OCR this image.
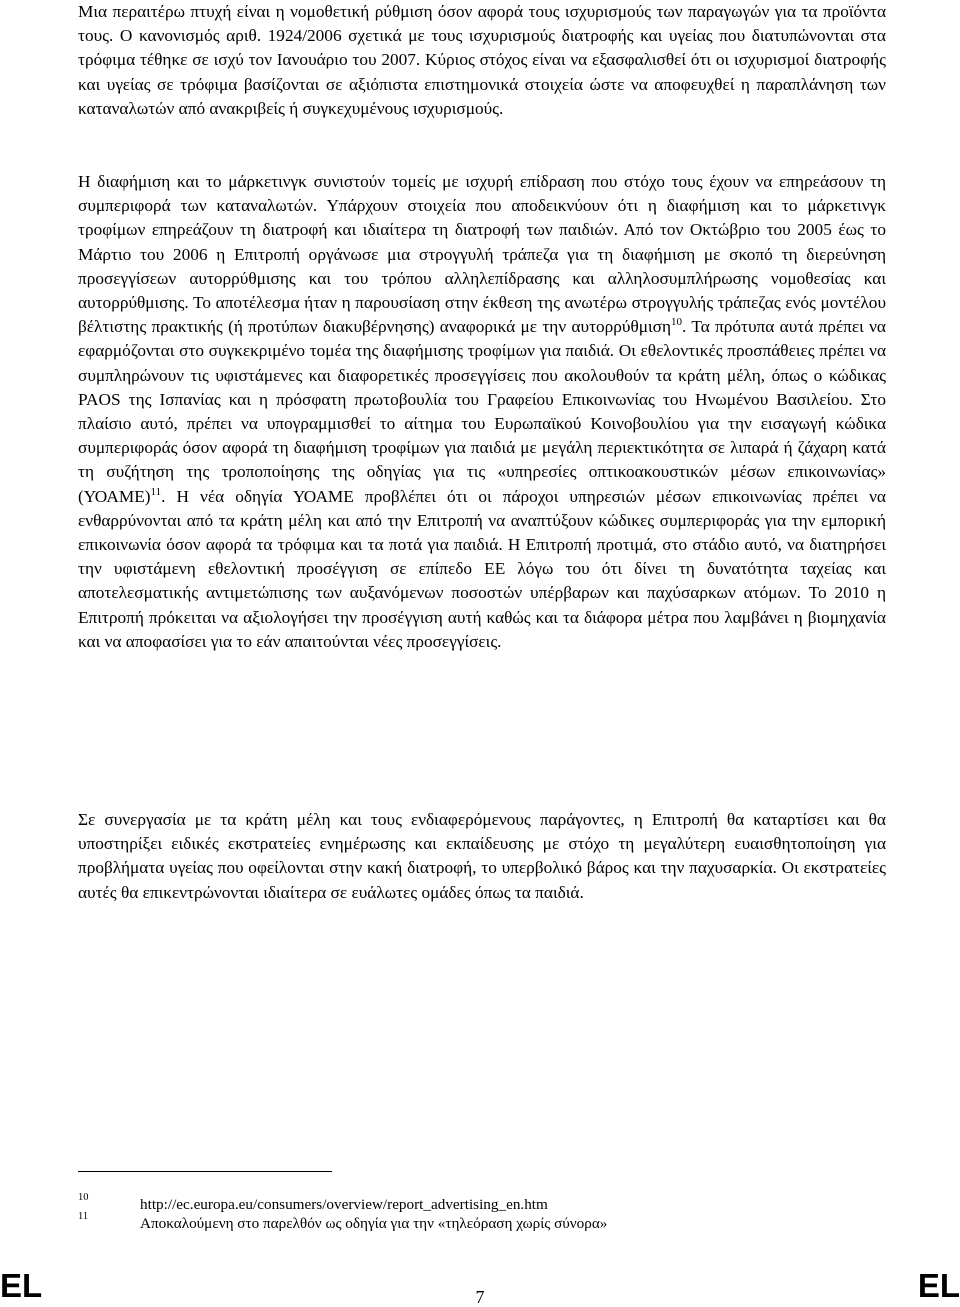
Μια περαιτέρω πτυχή είναι η νομοθετική ρύθμιση όσον αφορά τους ισχυρισμούς των παραγωγών για τα προϊόντα τους. Ο κανονισμός αριθ. 1924/2006 σχετικά με τους ισχυρισμούς διατροφής και υγείας που διατυπώνονται στα τρόφιμα τέθηκε σε ισχύ τον Ιανουάριο του 2007. Κύριος στόχος είναι να εξασφαλισθεί ότι οι ισχυρισμοί διατροφής και υγείας σε τρόφιμα βασίζονται σε αξιόπιστα επιστημονικά στοιχεία ώστε να αποφευχθεί η παραπλάνηση των καταναλωτών από ανακριβείς ή συγκεχυμένους ισχυρισμούς.

Η διαφήμιση και το μάρκετινγκ συνιστούν τομείς με ισχυρή επίδραση που στόχο τους έχουν να επηρεάσουν τη συμπεριφορά των καταναλωτών. Υπάρχουν στοιχεία που αποδεικνύουν ότι η διαφήμιση και το μάρκετινγκ τροφίμων επηρεάζουν τη διατροφή και ιδιαίτερα τη διατροφή των παιδιών. Από τον Οκτώβριο του 2005 έως το Μάρτιο του 2006 η Επιτροπή οργάνωσε μια στρογγυλή τράπεζα για τη διαφήμιση με σκοπό τη διερεύνηση προσεγγίσεων αυτορρύθμισης και του τρόπου αλληλεπίδρασης και αλληλοσυμπλήρωσης νομοθεσίας και αυτορρύθμισης. Το αποτέλεσμα ήταν η παρουσίαση στην έκθεση της ανωτέρω στρογγυλής τράπεζας ενός μοντέλου βέλτιστης πρακτικής (ή προτύπων διακυβέρνησης) αναφορικά με την αυτορρύθμιση$^{10}$. Τα πρότυπα αυτά πρέπει να εφαρμόζονται στο συγκεκριμένο τομέα της διαφήμισης τροφίμων για παιδιά. Οι εθελοντικές προσπάθειες πρέπει να συμπληρώνουν τις υφιστάμενες και διαφορετικές προσεγγίσεις που ακολουθούν τα κράτη μέλη, όπως ο κώδικας PAOS της Ισπανίας και η πρόσφατη πρωτοβουλία του Γραφείου Επικοινωνίας του Ηνωμένου Βασιλείου. Στο πλαίσιο αυτό, πρέπει να υπογραμμισθεί το αίτημα του Ευρωπαϊκού Κοινοβουλίου για την εισαγωγή κώδικα συμπεριφοράς όσον αφορά τη διαφήμιση τροφίμων για παιδιά με μεγάλη περιεκτικότητα σε λιπαρά ή ζάχαρη κατά τη συζήτηση της τροποποίησης της οδηγίας για τις «υπηρεσίες οπτικοακουστικών μέσων επικοινωνίας» $(\Upsilon OAME)^{11}$. Η νέα οδηγία ΥΟΑΜΕ προβλέπει ότι οι πάροχοι υπηρεσιών μέσων επικοινωνίας πρέπει να ενθαρρύνονται από τα κράτη μέλη και από την Επιτροπή να αναπτύξουν κώδικες συμπεριφοράς για την εμπορική επικοινωνία όσον αφορά τα τρόφιμα και τα ποτά για παιδιά. Η Επιτροπή προτιμά, στο στάδιο αυτό, να διατηρήσει την υφιστάμενη εθελοντική προσέγγιση σε επίπεδο ΕΕ λόγω του ότι δίνει τη δυνατότητα ταχείας και αποτελεσματικής αντιμετώπισης των αυξανόμενων ποσοστών υπέρβαρων και παχύσαρκων ατόμων. Το 2010 η Επιτροπή πρόκειται να αξιολογήσει την προσέγγιση αυτή καθώς και τα διάφορα μέτρα που λαμβάνει η βιομηχανία και να αποφασίσει για το εάν απαιτούνται νέες προσεγγίσεις.

Σε συνεργασία με τα κράτη μέλη και τους ενδιαφερόμενους παράγοντες, η Επιτροπή θα καταρτίσει και θα υποστηρίξει ειδικές εκστρατείες ενημέρωσης και εκπαίδευσης με στόχο τη μεγαλύτερη ευαισθητοποίηση για προβλήματα υγείας που οφείλονται στην κακή διατροφή, το υπερβολικό βάρος και την παχυσαρκία. Οι εκστρατείες αυτές θα επικεντρώνονται ιδιαίτερα σε ευάλωτες ομάδες όπως τα παιδιά.

10	http://ec.europa.eu/consumers/overview/report_advertising_en.htm
11	Αποκαλούμενη στο παρελθόν ως οδηγία για την «τηλεόραση χωρίς σύνορα»
EL	7	EL
